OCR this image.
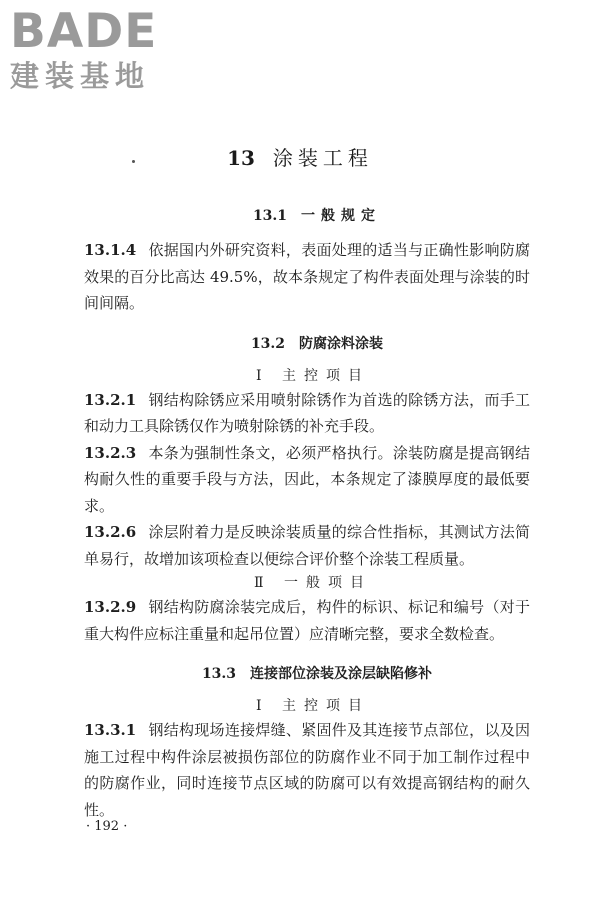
BADE
建装基地
13 涂装工程
13.1 一般规定

13.1.4 依据国内外研究资料，表面处理的适当与正确性影响防腐效果的百分比高达 49.5%，故本条规定了构件表面处理与涂装的时间间隔。

13.2 防腐涂料涂装
Ⅰ 主控项目

13.2.1 钢结构除锈应采用喷射除锈作为首选的除锈方法，而手工和动力工具除锈仅作为喷射除锈的补充手段。

13.2.3 本条为强制性条文，必须严格执行。涂装防腐是提高钢结构耐久性的重要手段与方法，因此，本条规定了漆膜厚度的最低要求。

13.2.6 涂层附着力是反映涂装质量的综合性指标，其测试方法简单易行，故增加该项检查以便综合评价整个涂装工程质量。

Ⅱ 一般项目

13.2.9 钢结构防腐涂装完成后，构件的标识、标记和编号（对于重大构件应标注重量和起吊位置）应清晰完整，要求全数检查。

13.3 连接部位涂装及涂层缺陷修补
Ⅰ 主控项目

13.3.1 钢结构现场连接焊缝、紧固件及其连接节点部位，以及因施工过程中构件涂层被损伤部位的防腐作业不同于加工制作过程中的防腐作业，同时连接节点区域的防腐可以有效提高钢结构的耐久性。

· 192 ·
